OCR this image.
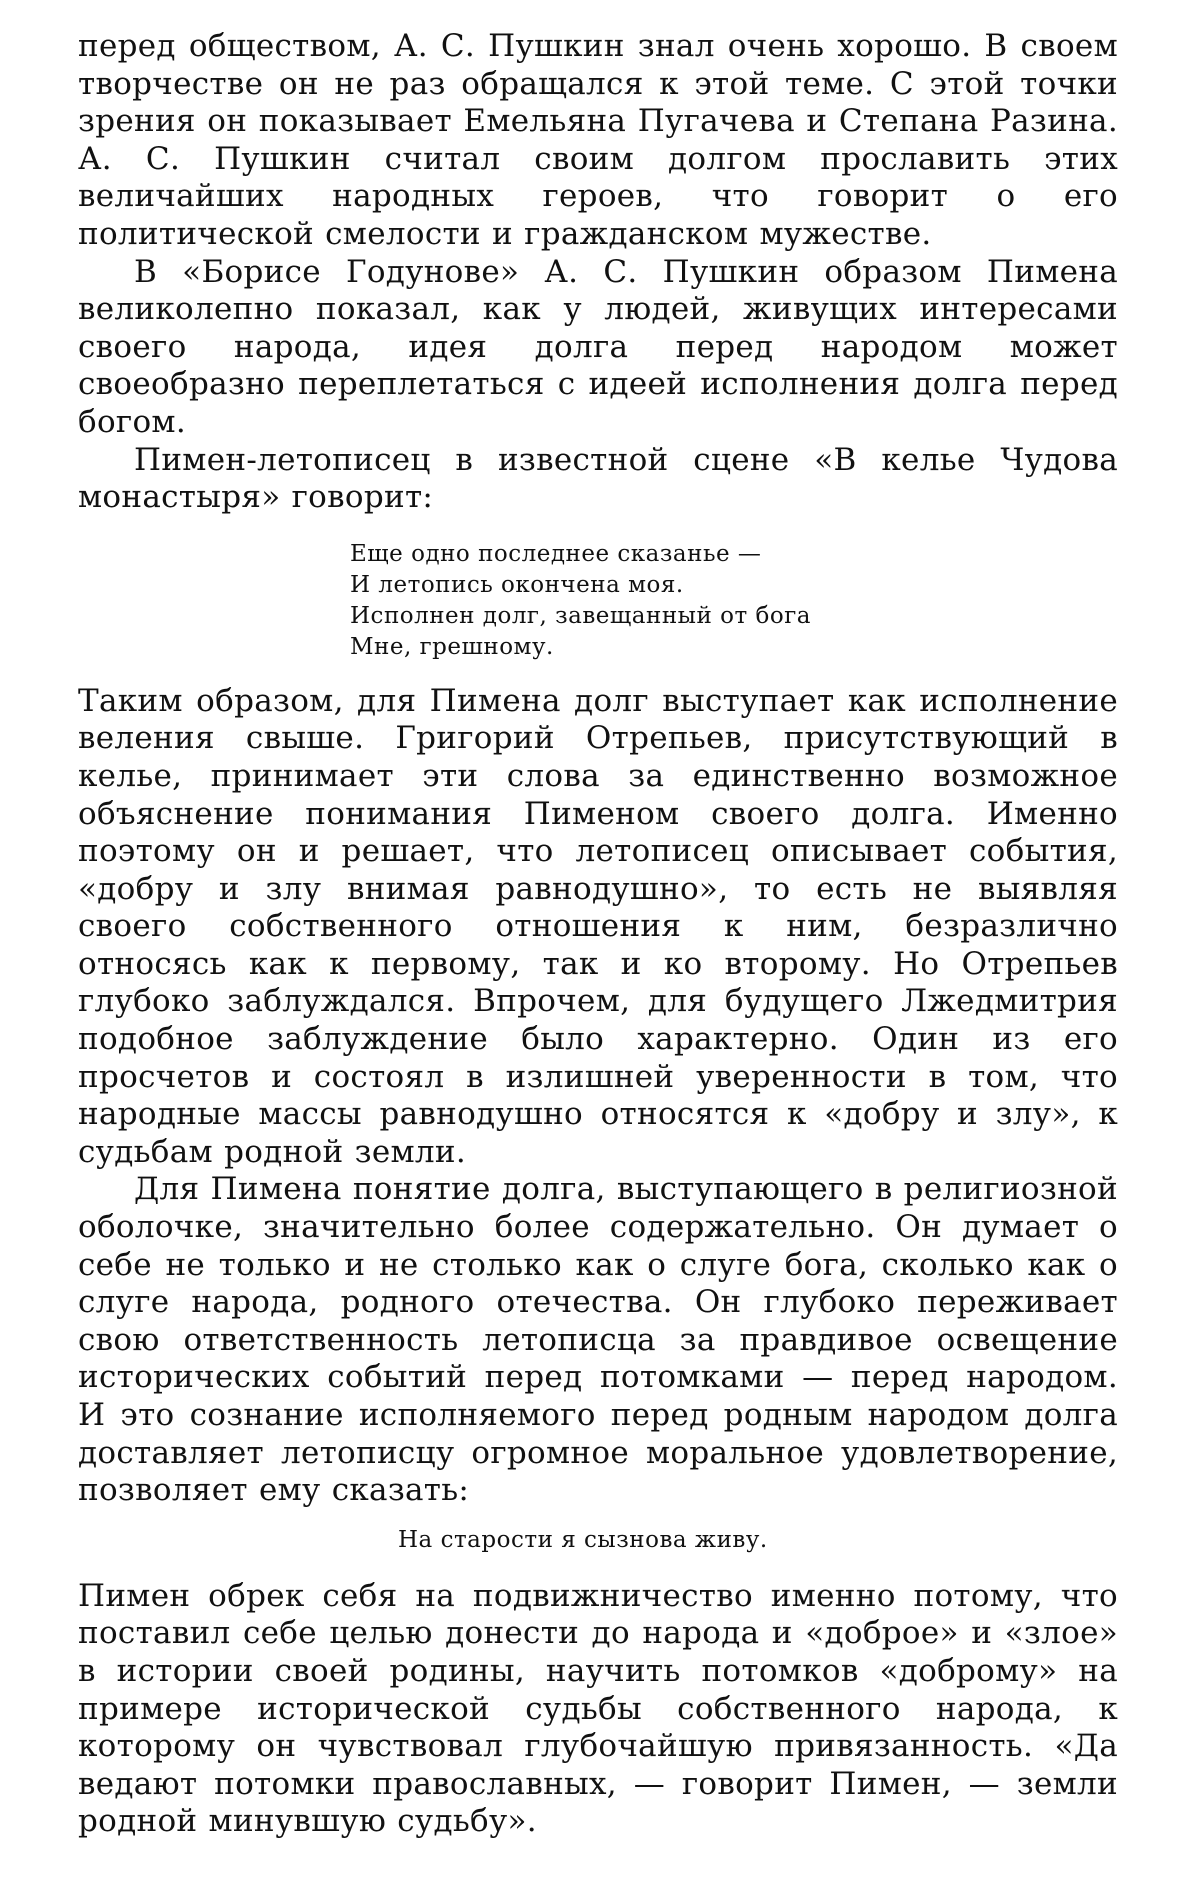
перед обществом, А. С. Пушкин знал очень хорошо. В своем творчестве он не раз обращался к этой теме. С этой точки зрения он показывает Емельяна Пугачева и Степана Разина. А. С. Пушкин считал своим долгом прославить этих величайших народных героев, что говорит о его политической смелости и гражданском мужестве.

В «Борисе Годунове» А. С. Пушкин образом Пимена великолепно показал, как у людей, живущих интересами своего народа, идея долга перед народом может своеобразно переплетаться с идеей исполнения долга перед богом.

Пимен-летописец в известной сцене «В келье Чудова монастыря» говорит:

Еще одно последнее сказанье —
И летопись окончена моя.
Исполнен долг, завещанный от бога
Мне, грешному.

Таким образом, для Пимена долг выступает как исполнение веления свыше. Григорий Отрепьев, присутствующий в келье, принимает эти слова за единственно возможное объяснение понимания Пименом своего долга. Именно поэтому он и решает, что летописец описывает события, «добру и злу внимая равнодушно», то есть не выявляя своего собственного отношения к ним, безразлично относясь как к первому, так и ко второму. Но Отрепьев глубоко заблуждался. Впрочем, для будущего Лжедмитрия подобное заблуждение было характерно. Один из его просчетов и состоял в излишней уверенности в том, что народные массы равнодушно относятся к «добру и злу», к судьбам родной земли.

Для Пимена понятие долга, выступающего в религиозной оболочке, значительно более содержательно. Он думает о себе не только и не столько как о слуге бога, сколько как о слуге народа, родного отечества. Он глубоко переживает свою ответственность летописца за правдивое освещение исторических событий перед потомками — перед народом. И это сознание исполняемого перед родным народом долга доставляет летописцу огромное моральное удовлетворение, позволяет ему сказать:

На старости я сызнова живу.

Пимен обрек себя на подвижничество именно потому, что поставил себе целью донести до народа и «доброе» и «злое» в истории своей родины, научить потомков «доброму» на примере исторической судьбы собственного народа, к которому он чувствовал глубочайшую привязанность. «Да ведают потомки православных, — говорит Пимен, — земли родной минувшую судьбу».
